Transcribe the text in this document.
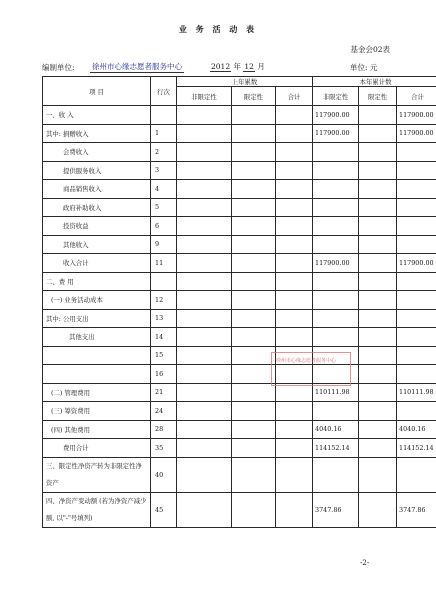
业 务 活 动 表
基金会02表
编制单位: 徐州市心缘志愿者服务中心	2012 年 12 月	单位: 元
项 目	行次	上年累数			本年累计数		
		非限定性	限定性	合计	非限定性	限定性	合计
一、收 入					117900.00		117900.00
其中: 捐赠收入	1				117900.00		117900.00
会费收入	2						
提供服务收入	3						
商品销售收入	4						
政府补助收入	5						
投资收益	6						
其他收入	9						
收入合计	11				117900.00		117900.00
二、费 用							
(一) 业务活动成本	12						
其中: 公用支出	13						
其他支出	14						
	15						
	16						
(二) 管理费用	21				110111.98		110111.98
(三) 筹资费用	24						
(四) 其他费用	28				4040.16		4040.16
费用合计	35				114152.14		114152.14
三、限定性净资产转为非限定性净资产	40						
四、净资产变动额 (若为净资产减少额, 以"-"号填列)	45				3747.86		3747.86
徐州市心缘志愿者服务中心
-2-
